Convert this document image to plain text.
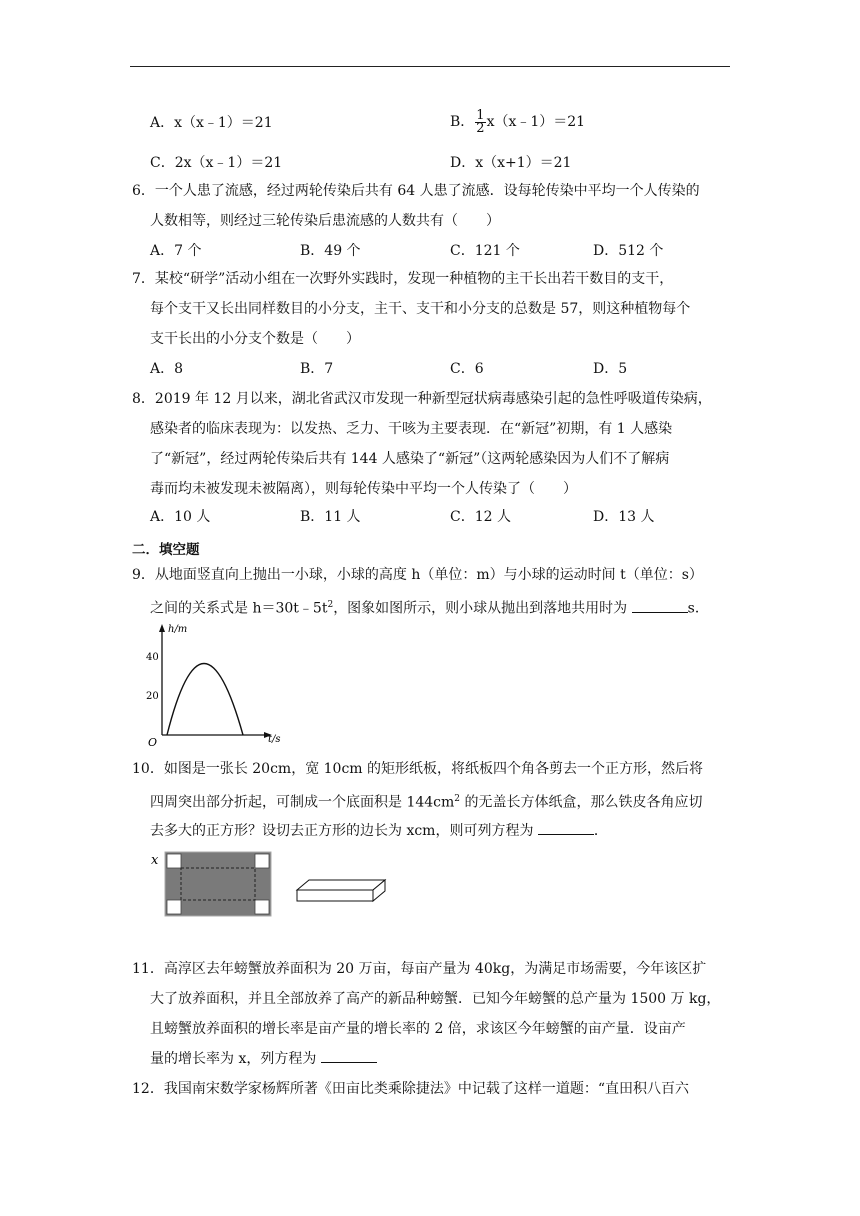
A．x（x﹣1）＝21	B． $\frac{1}{2}$ x（x﹣1）＝21
C．2x（x﹣1）＝21	D．x（x+1）＝21
6．一个人患了流感，经过两轮传染后共有 64 人患了流感．设每轮传染中平均一个人传染的
人数相等，则经过三轮传染后患流感的人数共有（　　）
A．7 个	B．49 个	C．121 个	D．512 个
7．某校“研学”活动小组在一次野外实践时，发现一种植物的主干长出若干数目的支干，
每个支干又长出同样数目的小分支，主干、支干和小分支的总数是 57，则这种植物每个
支干长出的小分支个数是（　　）
A．8	B．7	C．6	D．5
8．2019 年 12 月以来，湖北省武汉市发现一种新型冠状病毒感染引起的急性呼吸道传染病，
感染者的临床表现为：以发热、乏力、干咳为主要表现．在“新冠”初期，有 1 人感染
了“新冠”，经过两轮传染后共有 144 人感染了“新冠”（这两轮感染因为人们不了解病
毒而均未被发现未被隔离），则每轮传染中平均一个人传染了（　　）
A．10 人	B．11 人	C．12 人	D．13 人
二．填空题
9．从地面竖直向上抛出一小球，小球的高度 h（单位：m）与小球的运动时间 t（单位：s）
之间的关系式是 $h=30t﹣5t^2$，图象如图所示，则小球从抛出到落地共用时为	s．
h/m
t/s
O
40
20
10．如图是一张长 20cm，宽 10cm 的矩形纸板，将纸板四个角各剪去一个正方形，然后将
四周突出部分折起，可制成一个底面积是 $144cm^2$ 的无盖长方体纸盒，那么铁皮各角应切
去多大的正方形？设切去正方形的边长为 xcm，则可列方程为	．
x
11．高淳区去年螃蟹放养面积为 20 万亩，每亩产量为 40kg，为满足市场需要，今年该区扩
大了放养面积，并且全部放养了高产的新品种螃蟹．已知今年螃蟹的总产量为 1500 万 kg，
且螃蟹放养面积的增长率是亩产量的增长率的 2 倍，求该区今年螃蟹的亩产量．设亩产
量的增长率为 x，列方程为
12．我国南宋数学家杨辉所著《田亩比类乘除捷法》中记载了这样一道题：“直田积八百六
